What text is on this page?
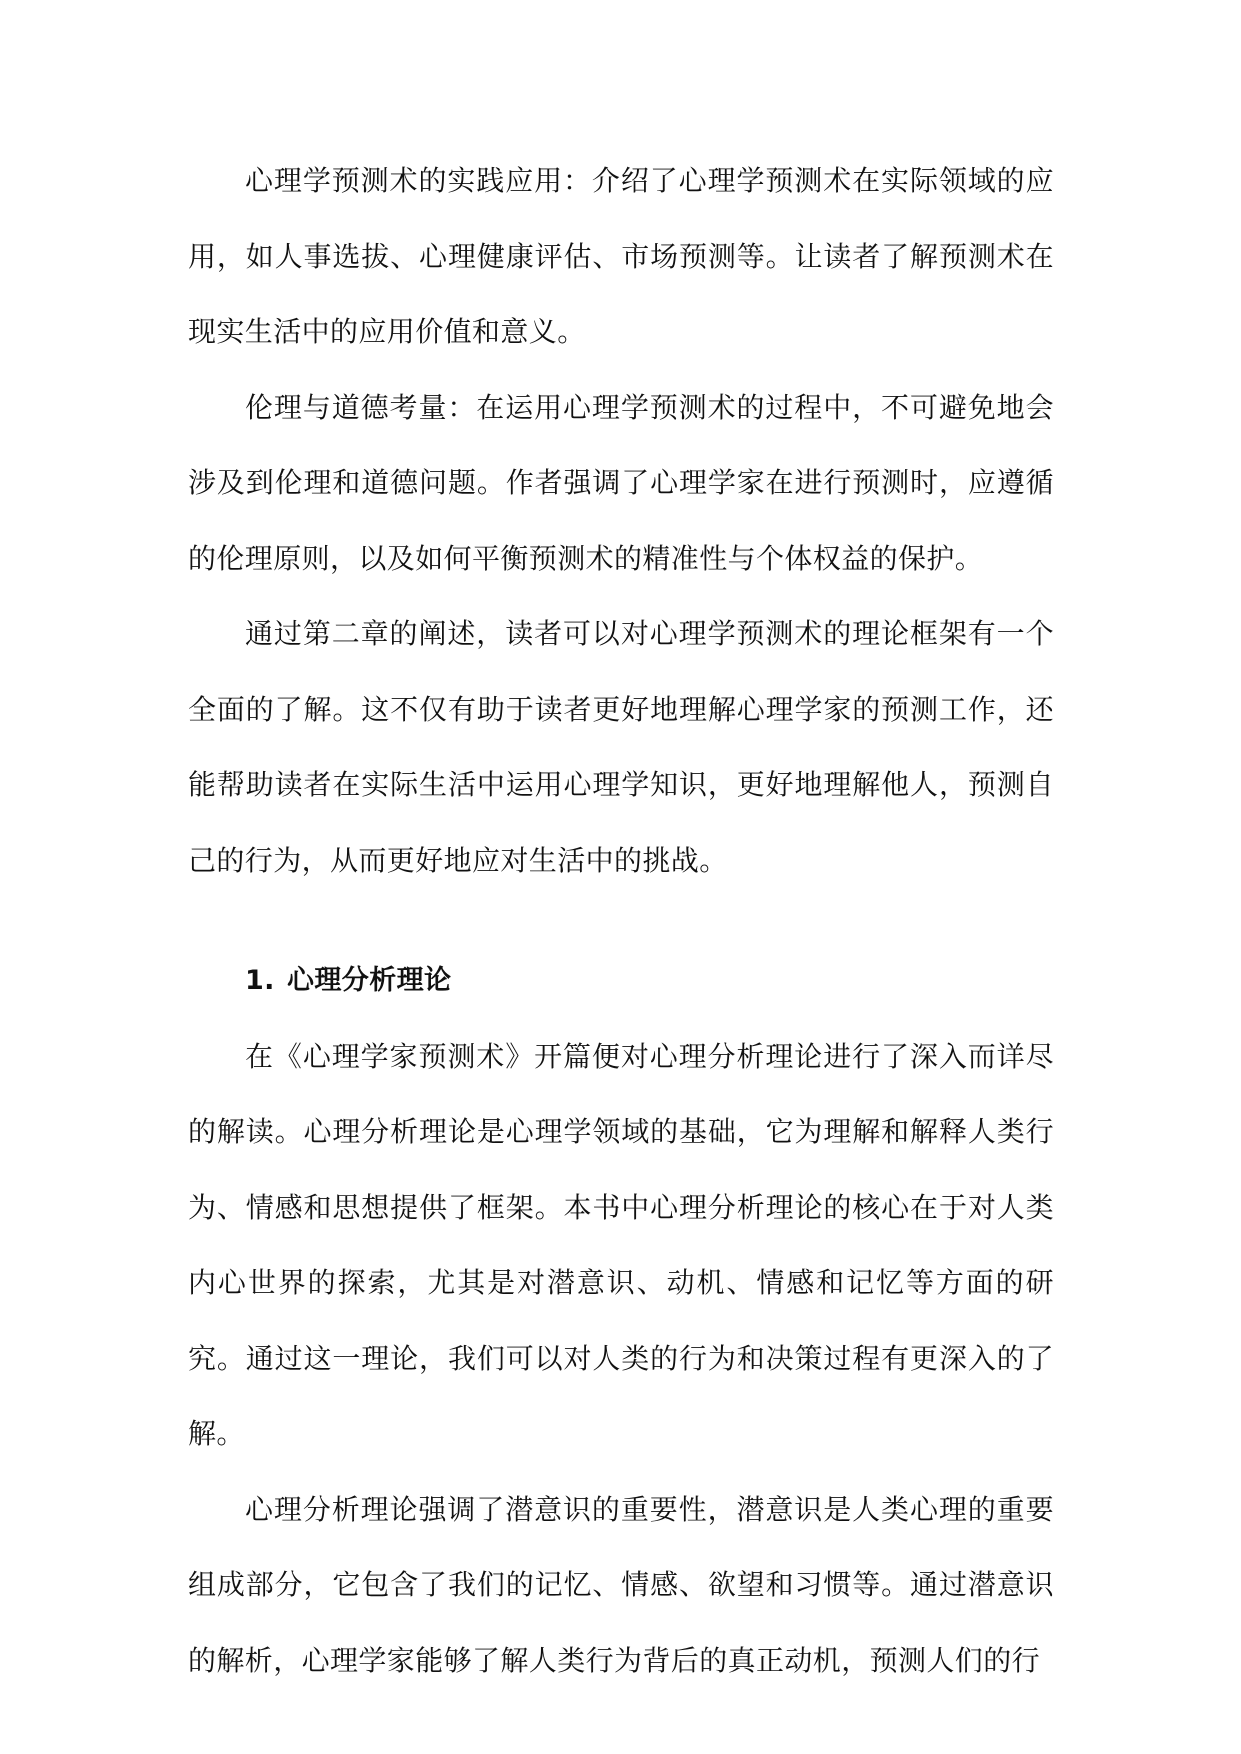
心理学预测术的实践应用：介绍了心理学预测术在实际领域的应用，如人事选拔、心理健康评估、市场预测等。让读者了解预测术在现实生活中的应用价值和意义。

伦理与道德考量：在运用心理学预测术的过程中，不可避免地会涉及到伦理和道德问题。作者强调了心理学家在进行预测时，应遵循的伦理原则，以及如何平衡预测术的精准性与个体权益的保护。

通过第二章的阐述，读者可以对心理学预测术的理论框架有一个全面的了解。这不仅有助于读者更好地理解心理学家的预测工作，还能帮助读者在实际生活中运用心理学知识，更好地理解他人，预测自己的行为，从而更好地应对生活中的挑战。

1. 心理分析理论

在《心理学家预测术》开篇便对心理分析理论进行了深入而详尽的解读。心理分析理论是心理学领域的基础，它为理解和解释人类行为、情感和思想提供了框架。本书中心理分析理论的核心在于对人类内心世界的探索，尤其是对潜意识、动机、情感和记忆等方面的研究。通过这一理论，我们可以对人类的行为和决策过程有更深入的了解。

心理分析理论强调了潜意识的重要性，潜意识是人类心理的重要组成部分，它包含了我们的记忆、情感、欲望和习惯等。通过潜意识的解析，心理学家能够了解人类行为背后的真正动机，预测人们的行
